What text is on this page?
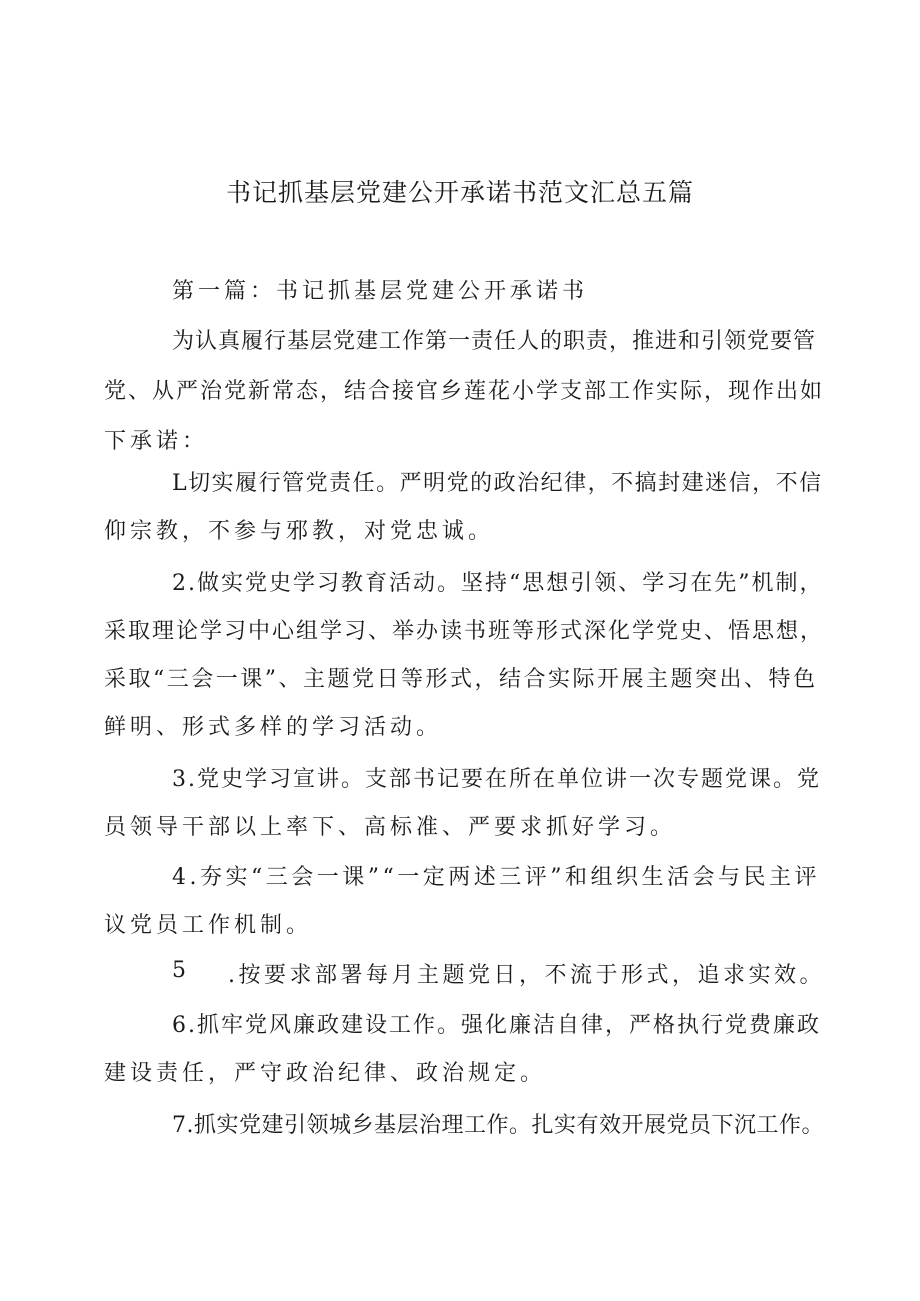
书记抓基层党建公开承诺书范文汇总五篇
第一篇：书记抓基层党建公开承诺书
为认真履行基层党建工作第一责任人的职责，推进和引领党要管
党、从严治党新常态，结合接官乡莲花小学支部工作实际，现作出如
下承诺：
L切实履行管党责任。严明党的政治纪律，不搞封建迷信，不信
仰宗教，不参与邪教，对党忠诚。
2.做实党史学习教育活动。坚持“思想引领、学习在先”机制，
采取理论学习中心组学习、举办读书班等形式深化学党史、悟思想，
采取“三会一课”、主题党日等形式，结合实际开展主题突出、特色
鲜明、形式多样的学习活动。
3.党史学习宣讲。支部书记要在所在单位讲一次专题党课。党
员领导干部以上率下、高标准、严要求抓好学习。
4.夯实“三会一课”“一定两述三评”和组织生活会与民主评
议党员工作机制。
5 .按要求部署每月主题党日，不流于形式，追求实效。
6.抓牢党风廉政建设工作。强化廉洁自律，严格执行党费廉政
建设责任，严守政治纪律、政治规定。
7.抓实党建引领城乡基层治理工作。扎实有效开展党员下沉工作。
